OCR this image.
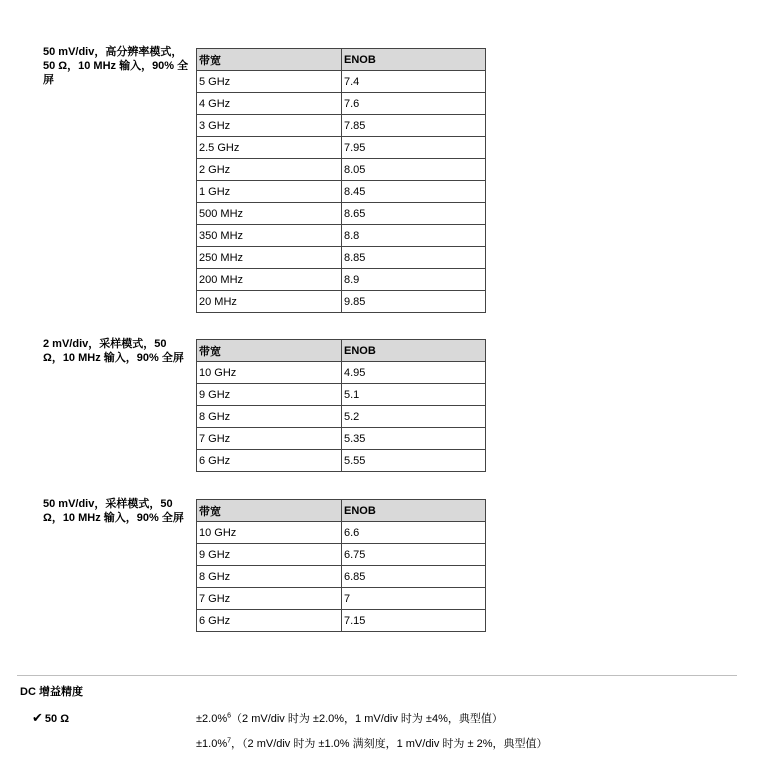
50 mV/div，高分辨率模式，50 Ω，10 MHz 输入，90% 全屏
带宽	ENOB
5 GHz	7.4
4 GHz	7.6
3 GHz	7.85
2.5 GHz	7.95
2 GHz	8.05
1 GHz	8.45
500 MHz	8.65
350 MHz	8.8
250 MHz	8.85
200 MHz	8.9
20 MHz	9.85
2 mV/div，采样模式，50 Ω，10 MHz 输入，90% 全屏
带宽	ENOB
10 GHz	4.95
9 GHz	5.1
8 GHz	5.2
7 GHz	5.35
6 GHz	5.55
50 mV/div，采样模式，50 Ω，10 MHz 输入，90% 全屏
带宽	ENOB
10 GHz	6.6
9 GHz	6.75
8 GHz	6.85
7 GHz	7
6 GHz	7.15
DC 增益精度
✔ 50 Ω	±2.0%$^6$（2 mV/div 时为 ±2.0%，1 mV/div 时为 ±4%，典型值）
±1.0%$^7$，（2 mV/div 时为 ±1.0% 满刻度，1 mV/div 时为 ± 2%，典型值）
